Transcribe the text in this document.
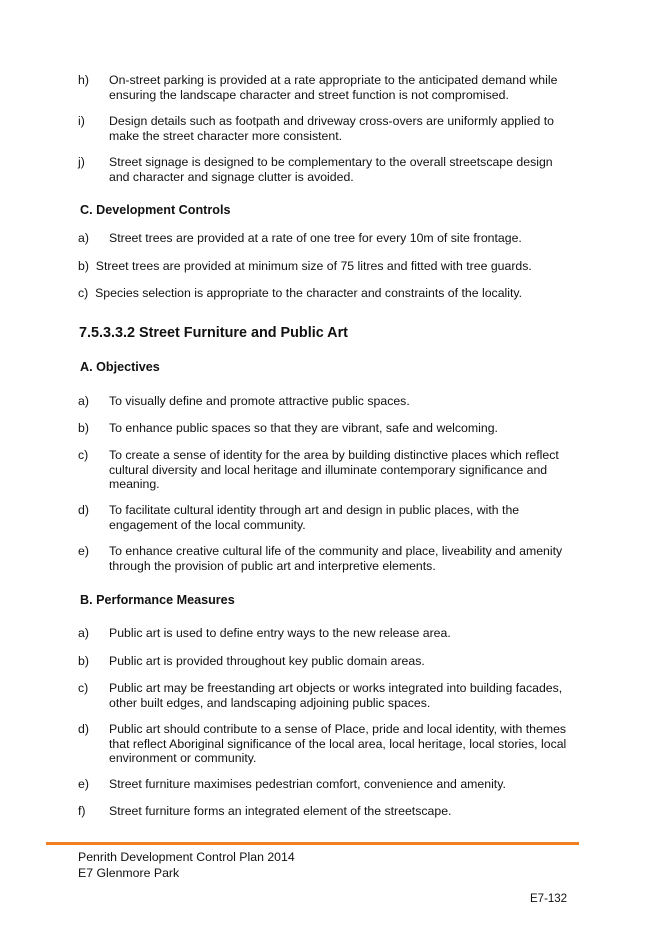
h) On-street parking is provided at a rate appropriate to the anticipated demand while ensuring the landscape character and street function is not compromised.
i) Design details such as footpath and driveway cross-overs are uniformly applied to make the street character more consistent.
j) Street signage is designed to be complementary to the overall streetscape design and character and signage clutter is avoided.
C. Development Controls
a) Street trees are provided at a rate of one tree for every 10m of site frontage.
b) Street trees are provided at minimum size of 75 litres and fitted with tree guards.
c) Species selection is appropriate to the character and constraints of the locality.
7.5.3.3.2 Street Furniture and Public Art
A. Objectives
a) To visually define and promote attractive public spaces.
b) To enhance public spaces so that they are vibrant, safe and welcoming.
c) To create a sense of identity for the area by building distinctive places which reflect cultural diversity and local heritage and illuminate contemporary significance and meaning.
d) To facilitate cultural identity through art and design in public places, with the engagement of the local community.
e) To enhance creative cultural life of the community and place, liveability and amenity through the provision of public art and interpretive elements.
B. Performance Measures
a) Public art is used to define entry ways to the new release area.
b) Public art is provided throughout key public domain areas.
c) Public art may be freestanding art objects or works integrated into building facades, other built edges, and landscaping adjoining public spaces.
d) Public art should contribute to a sense of Place, pride and local identity, with themes that reflect Aboriginal significance of the local area, local heritage, local stories, local environment or community.
e) Street furniture maximises pedestrian comfort, convenience and amenity.
f) Street furniture forms an integrated element of the streetscape.
Penrith Development Control Plan 2014
E7 Glenmore Park
E7-132
